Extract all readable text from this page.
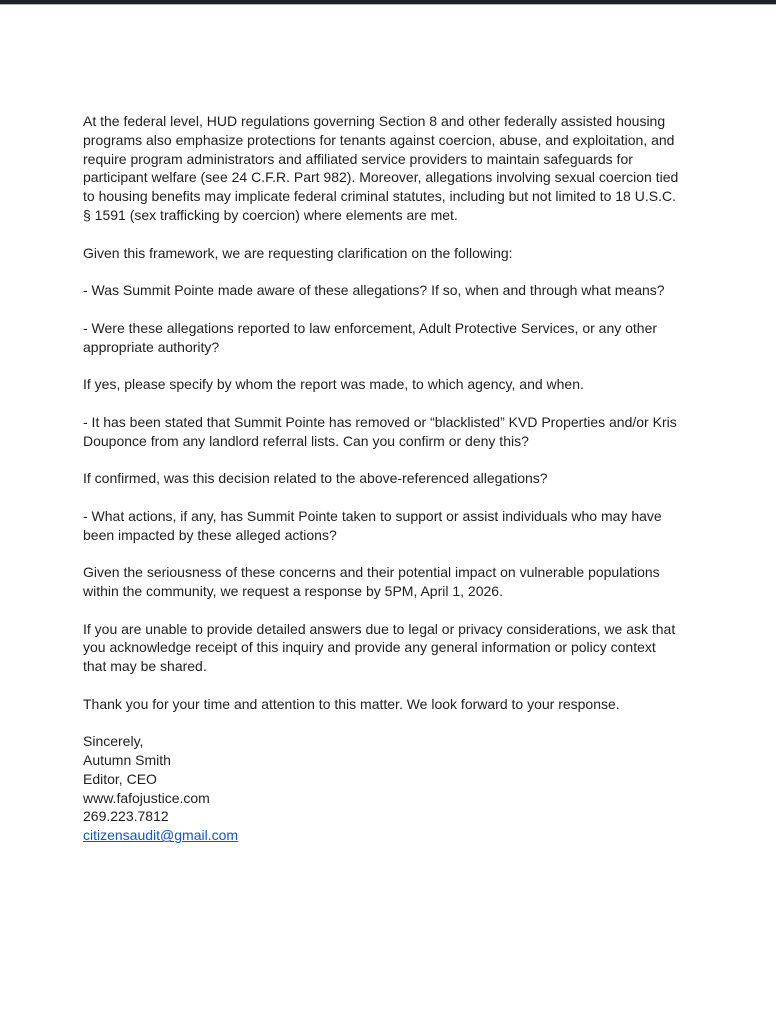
At the federal level, HUD regulations governing Section 8 and other federally assisted housing
programs also emphasize protections for tenants against coercion, abuse, and exploitation, and
require program administrators and affiliated service providers to maintain safeguards for
participant welfare (see 24 C.F.R. Part 982). Moreover, allegations involving sexual coercion tied
to housing benefits may implicate federal criminal statutes, including but not limited to 18 U.S.C.
§ 1591 (sex trafficking by coercion) where elements are met.
Given this framework, we are requesting clarification on the following:
- Was Summit Pointe made aware of these allegations? If so, when and through what means?
- Were these allegations reported to law enforcement, Adult Protective Services, or any other
appropriate authority?
If yes, please specify by whom the report was made, to which agency, and when.
- It has been stated that Summit Pointe has removed or “blacklisted” KVD Properties and/or Kris
Douponce from any landlord referral lists. Can you confirm or deny this?
If confirmed, was this decision related to the above-referenced allegations?
- What actions, if any, has Summit Pointe taken to support or assist individuals who may have
been impacted by these alleged actions?
Given the seriousness of these concerns and their potential impact on vulnerable populations
within the community, we request a response by 5PM, April 1, 2026.
If you are unable to provide detailed answers due to legal or privacy considerations, we ask that
you acknowledge receipt of this inquiry and provide any general information or policy context
that may be shared.
Thank you for your time and attention to this matter. We look forward to your response.
Sincerely,
Autumn Smith
Editor, CEO
www.fafojustice.com
269.223.7812
citizensaudit@gmail.com
